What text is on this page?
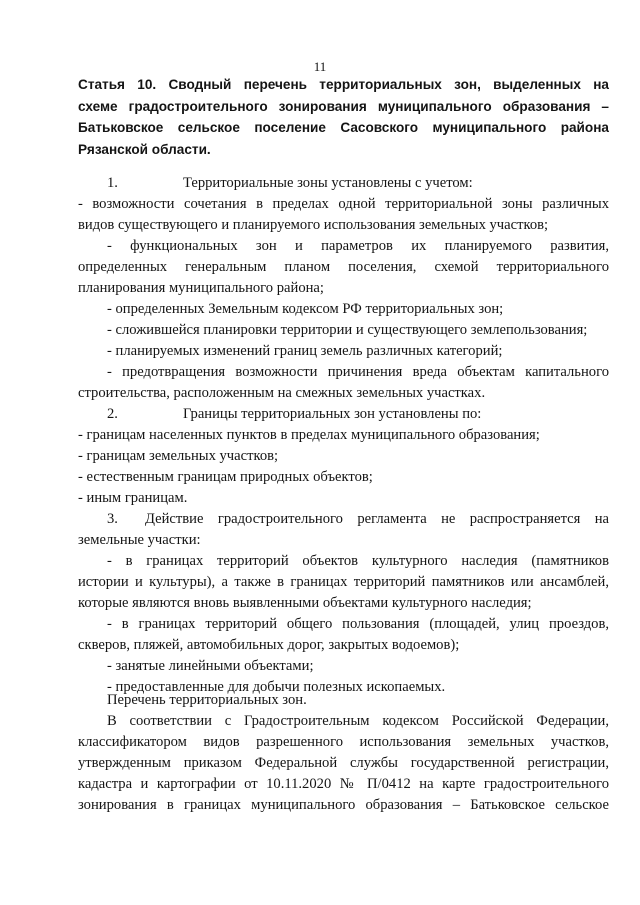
11
Статья 10. Сводный перечень территориальных зон, выделенных на
схеме градостроительного зонирования муниципального образования –
Батьковское сельское поселение Сасовского муниципального района
Рязанской области.
1.	Территориальные зоны установлены с учетом:
- возможности сочетания в пределах одной территориальной зоны различных
видов существующего и планируемого использования земельных участков;
- функциональных зон и параметров их планируемого развития,
определенных генеральным планом поселения, схемой территориального
планирования муниципального района;
- определенных Земельным кодексом РФ территориальных зон;
- сложившейся планировки территории и существующего землепользования;
- планируемых изменений границ земель различных категорий;
- предотвращения возможности причинения вреда объектам капитального
строительства, расположенным на смежных земельных участках.
2.	Границы территориальных зон установлены по:
- границам населенных пунктов в пределах муниципального образования;
- границам земельных участков;
- естественным границам природных объектов;
- иным границам.
3. Действие градостроительного регламента не распространяется на
земельные участки:
- в границах территорий объектов культурного наследия (памятников
истории и культуры), а также в границах территорий памятников или ансамблей,
которые являются вновь выявленными объектами культурного наследия;
- в границах территорий общего пользования (площадей, улиц проездов,
скверов, пляжей, автомобильных дорог, закрытых водоемов);
- занятые линейными объектами;
- предоставленные для добычи полезных ископаемых.
Перечень территориальных зон.
В соответствии с Градостроительным кодексом Российской Федерации,
классификатором видов разрешенного использования земельных участков,
утвержденным приказом Федеральной службы государственной регистрации,
кадастра и картографии от 10.11.2020 № П/0412 на карте градостроительного
зонирования в границах муниципального образования – Батьковское сельское
